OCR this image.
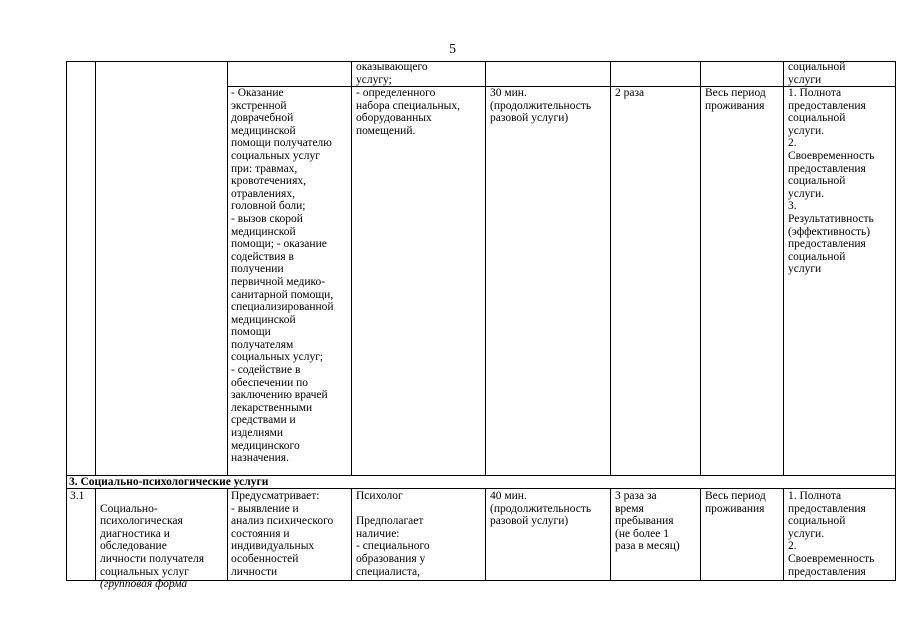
5
оказывающего
услугу;
социальной
услуги
- Оказание
экстренной
доврачебной
медицинской
помощи получателю
социальных услуг
при: травмах,
кровотечениях,
отравлениях,
головной боли;
- вызов скорой
медицинской
помощи; - оказание
содействия в
получении
первичной медико-
санитарной помощи,
специализированной
медицинской
помощи
получателям
социальных услуг;
- содействие в
обеспечении по
заключению врачей
лекарственными
средствами и
изделиями
медицинского
назначения.
- определенного
набора специальных,
оборудованных
помещений.
30 мин.
(продолжительность
разовой услуги)
2 раза	Весь период
проживания
1. Полнота
предоставления
социальной
услуги.
2.
Своевременность
предоставления
социальной
услуги.
3.
Результативность
(эффективность)
предоставления
социальной
услуги
3. Социально-психологические услуги
3.1

Социально-
психологическая
диагностика и
обследование
личности получателя
социальных услуг
(групповая форма

Предусматривает:
- выявление и
анализ психического
состояния и
индивидуальных
особенностей
личности
Психолог

Предполагает
наличие:
- специального
образования у
специалиста,
40 мин.
(продолжительность
разовой услуги)
3 раза за
время
пребывания
(не более 1
раза в месяц)
Весь период
проживания
1. Полнота
предоставления
социальной
услуги.
2.
Своевременность
предоставления
